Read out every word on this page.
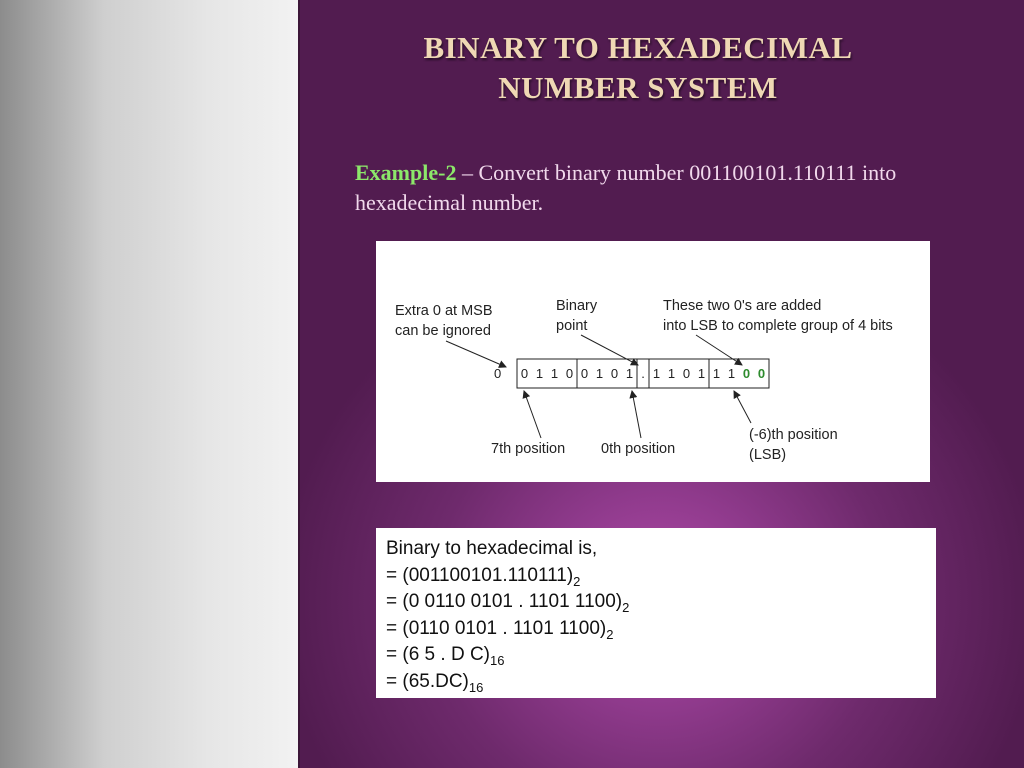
BINARY TO HEXADECIMAL
NUMBER SYSTEM
Example-2 – Convert binary number 001100101.110111 into hexadecimal number.
Extra 0 at MSB
can be ignored
Binary
point
These two 0's are added
into LSB to complete group of 4 bits
0	.
0 1 1 0 0 1 0 1 1 1 0 1 1 1 0 0
7th position 0th position
(-6)th position
(LSB)
Binary to hexadecimal is,
= $(001100101.110111)_2$
= (0 0110 0101 . 1101 $1100)_2$
= (0110 0101 . 1101 $1100)_2$
= (6 5 . D $C)_{16}$
= $(65.DC)_{16}$
